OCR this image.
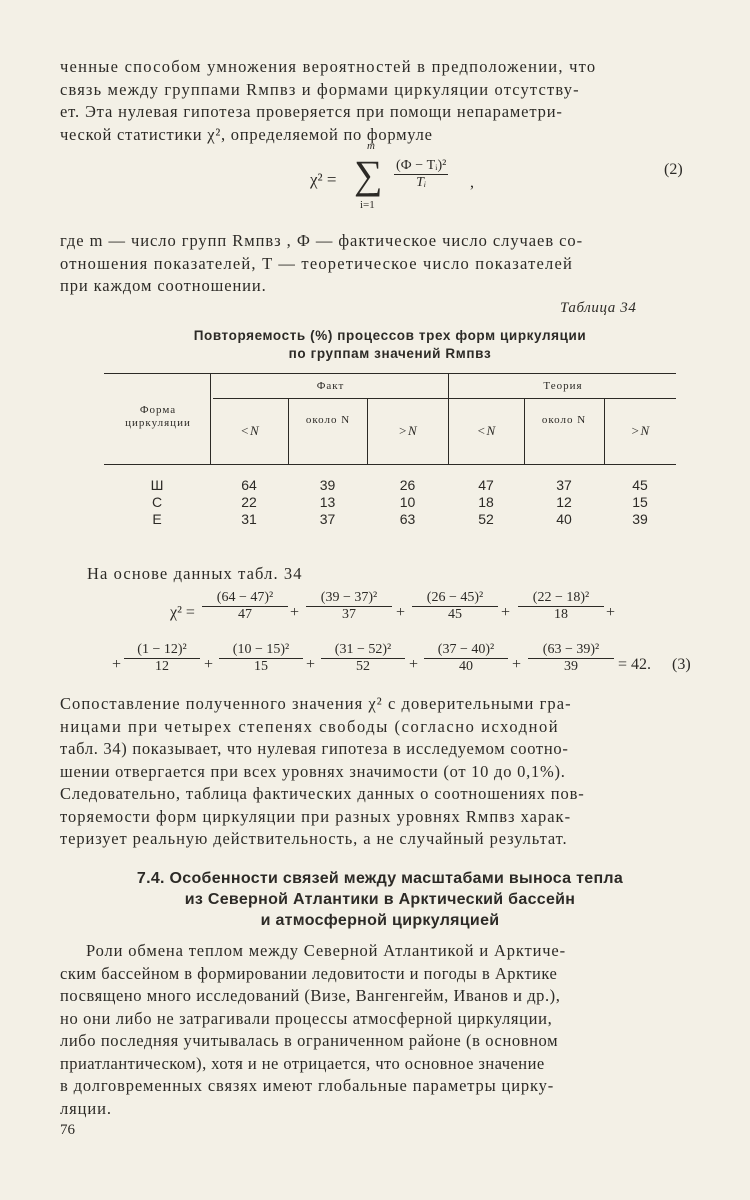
ченные способом умножения вероятностей в предположении, что
связь между группами Rмпвз и формами циркуляции отсутству-
ет. Эта нулевая гипотеза проверяется при помощи непараметри-
ческой статистики χ², определяемой по формуле
χ² =
m
∑
i=1
(Ф − Tᵢ)²
Tᵢ	,
(2)
где m — число групп Rмпвз , Ф — фактическое число случаев со-
отношения показателей, T — теоретическое число показателей
при каждом соотношении.
Таблица 34
Повторяемость (%) процессов трех форм циркуляции
по группам значений Rмпвз
Форма циркуляции
Факт	Теория
<N
около N
>N	<N
около N
>N
Ш	64	39	26	47	37	45
С	22	13	10	18	12	15
Е	31	37	63	52	40	39
На основе данных табл. 34
$\chi^2 = \frac{\text{(64 − 47)²}}{47} + \frac{\text{(39 − 37)²}}{37} + \frac{\text{(26 − 45)²}}{45} + \frac{\text{(22 − 18)²}}{18}$ +
+ $\frac{\text{(1 − 12)²}}{12} + \frac{\text{(10 − 15)²}}{15} + \frac{\text{(31 − 52)²}}{52} + \frac{\text{(37 − 40)²}}{40} + \frac{\text{(63 − 39)²}}{39} = 42$. (3)
Сопоставление полученного значения χ² с доверительными гра-
ницами при четырех степенях свободы (согласно исходной
табл. 34) показывает, что нулевая гипотеза в исследуемом соотно-
шении отвергается при всех уровнях значимости (от 10 до 0,1%).
Следовательно, таблица фактических данных о соотношениях пов-
торяемости форм циркуляции при разных уровнях Rмпвз харак-
теризует реальную действительность, а не случайный результат.
7.4. Особенности связей между масштабами выноса тепла
из Северной Атлантики в Арктический бассейн
и атмосферной циркуляцией
Роли обмена теплом между Северной Атлантикой и Арктиче-
ским бассейном в формировании ледовитости и погоды в Арктике
посвящено много исследований (Визе, Вангенгейм, Иванов и др.),
но они либо не затрагивали процессы атмосферной циркуляции,
либо последняя учитывалась в ограниченном районе (в основном
приатлантическом), хотя и не отрицается, что основное значение
в долговременных связях имеют глобальные параметры цирку-
ляции.
76
